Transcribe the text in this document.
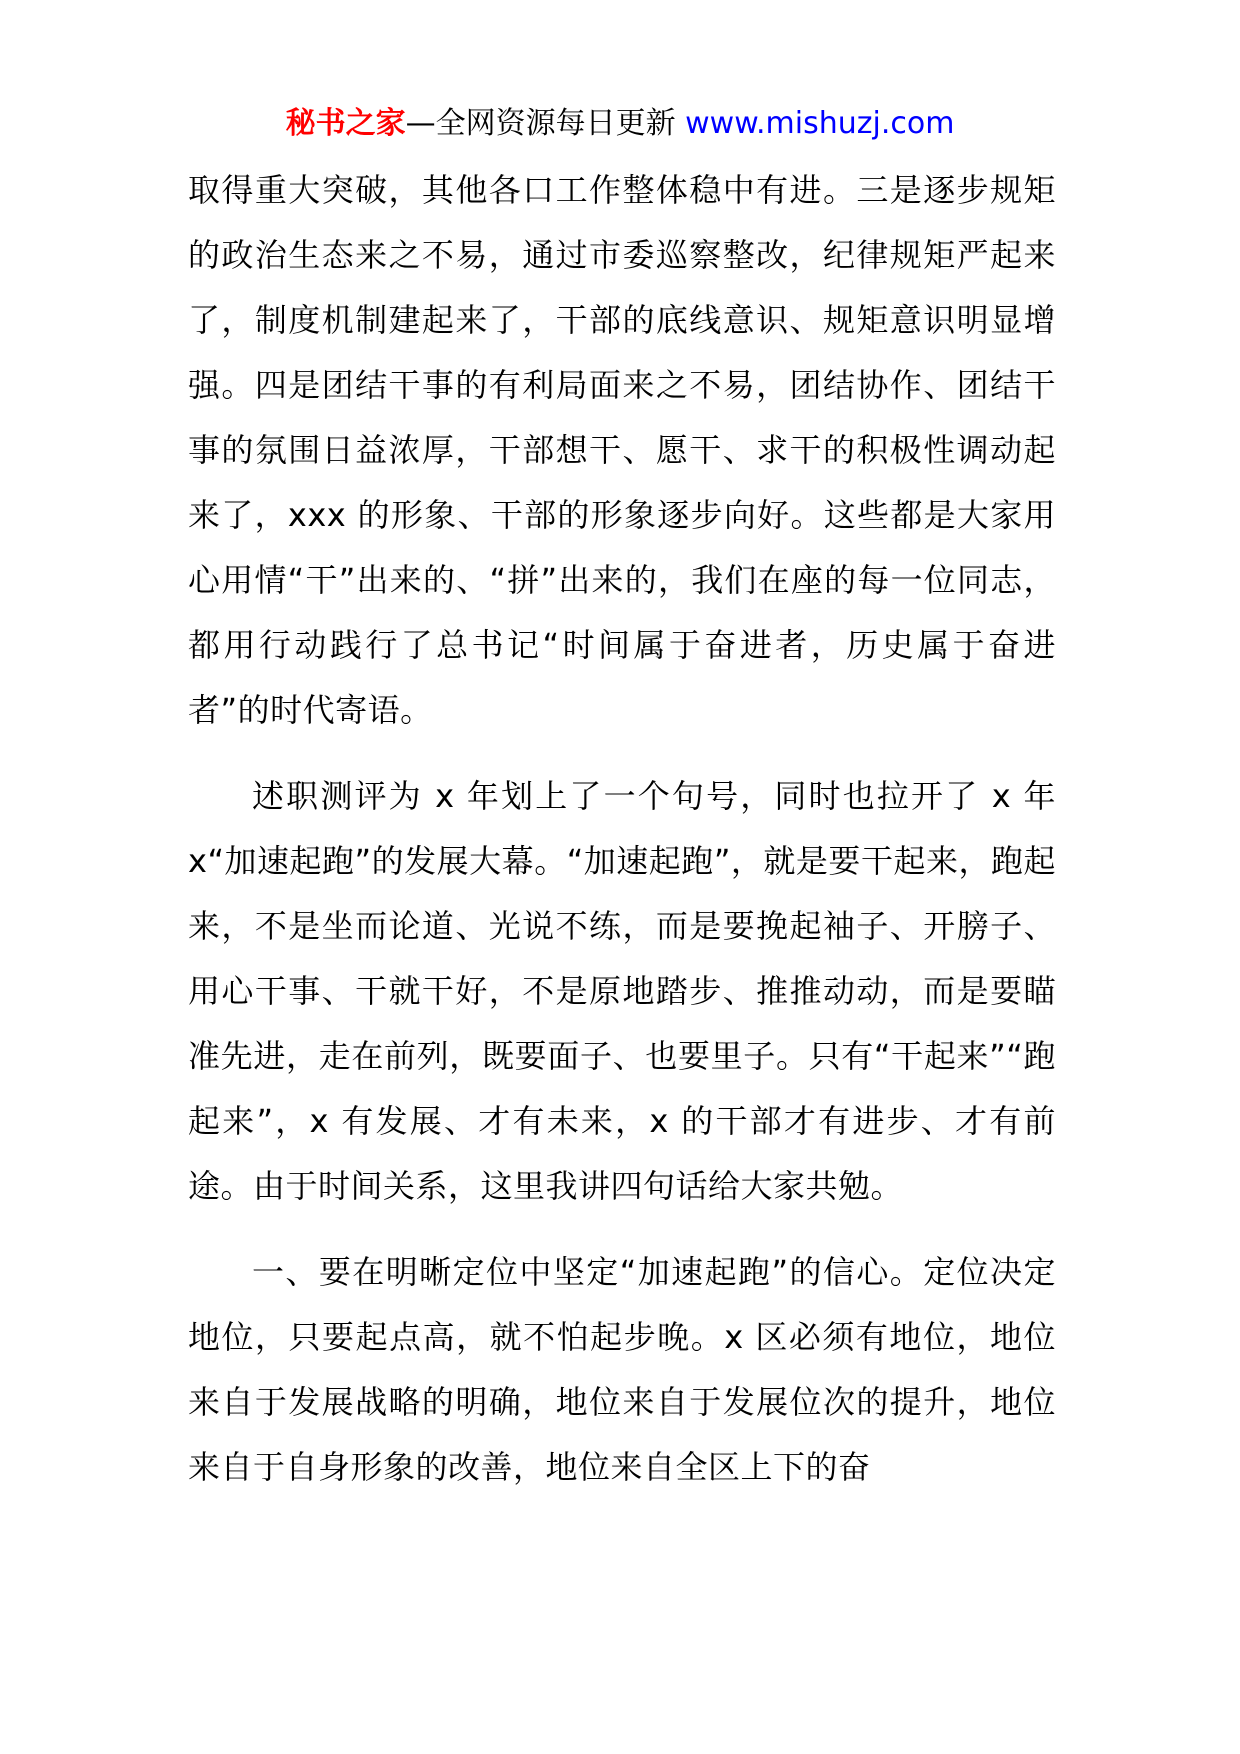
秘书之家—全网资源每日更新 www.mishuzj.com

取得重大突破，其他各口工作整体稳中有进。三是逐步规矩的政治生态来之不易，通过市委巡察整改，纪律规矩严起来了，制度机制建起来了，干部的底线意识、规矩意识明显增强。四是团结干事的有利局面来之不易，团结协作、团结干事的氛围日益浓厚，干部想干、愿干、求干的积极性调动起来了，xxx 的形象、干部的形象逐步向好。这些都是大家用心用情“干”出来的、“拼”出来的，我们在座的每一位同志，都用行动践行了总书记“时间属于奋进者，历史属于奋进者”的时代寄语。

述职测评为 x 年划上了一个句号，同时也拉开了 x 年x“加速起跑”的发展大幕。“加速起跑”，就是要干起来，跑起来，不是坐而论道、光说不练，而是要挽起袖子、开膀子、用心干事、干就干好，不是原地踏步、推推动动，而是要瞄准先进，走在前列，既要面子、也要里子。只有“干起来”“跑起来”，x 有发展、才有未来，x 的干部才有进步、才有前途。由于时间关系，这里我讲四句话给大家共勉。

一、要在明晰定位中坚定“加速起跑”的信心。定位决定地位，只要起点高，就不怕起步晚。x 区必须有地位，地位来自于发展战略的明确，地位来自于发展位次的提升，地位来自于自身形象的改善，地位来自全区上下的奋
